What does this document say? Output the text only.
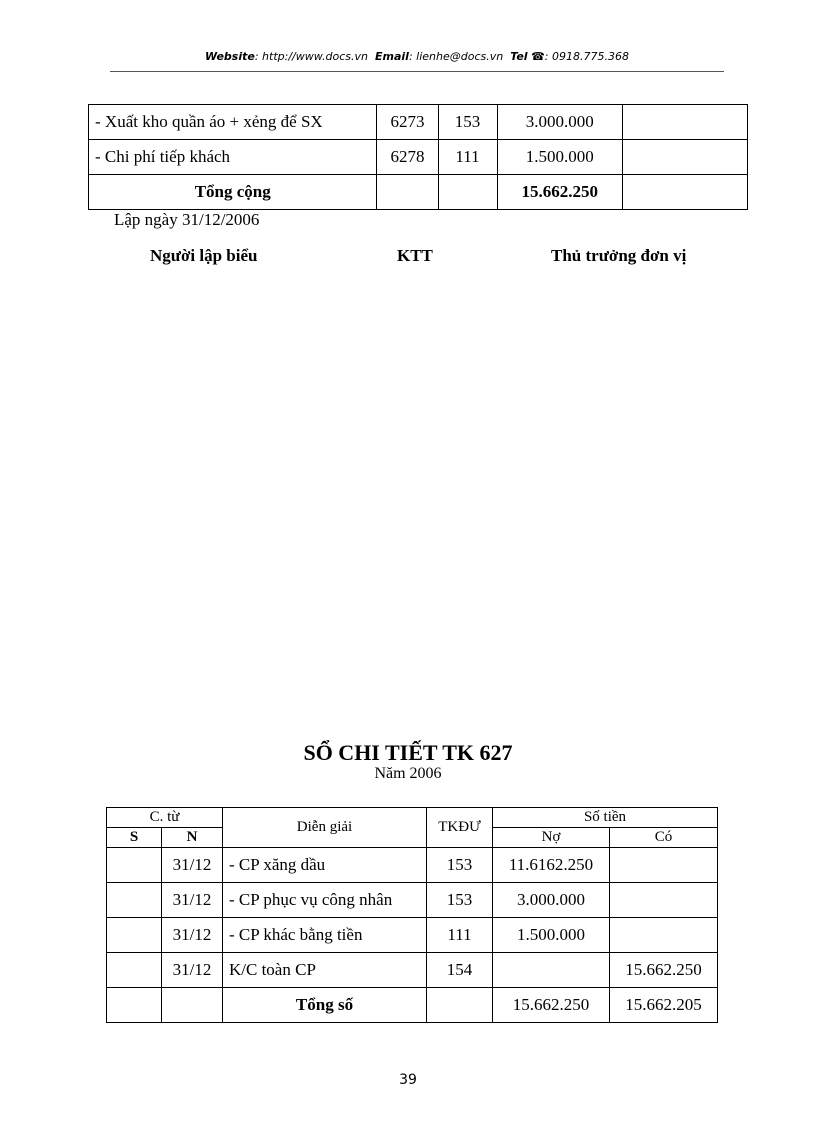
Website: http://www.docs.vn Email: lienhe@docs.vn Tel ☎: 0918.775.368
- Xuất kho quần áo + xẻng để SX	6273	153	3.000.000	
- Chi phí tiếp khách	6278	111	1.500.000	
Tổng cộng			15.662.250	
Lập ngày 31/12/2006
Người lập biểu	KTT	Thủ trưởng đơn vị
SỔ CHI TIẾT TK 627
Năm 2006
C. từ		Diễn giải	TKĐƯ	Số tiền	
S	N			Nợ	Có
	31/12	- CP xăng dầu	153	11.6162.250	
	31/12	- CP phục vụ công nhân	153	3.000.000	
	31/12	- CP khác bằng tiền	111	1.500.000	
	31/12	K/C toàn CP	154		15.662.250
		Tổng số		15.662.250	15.662.205
39
